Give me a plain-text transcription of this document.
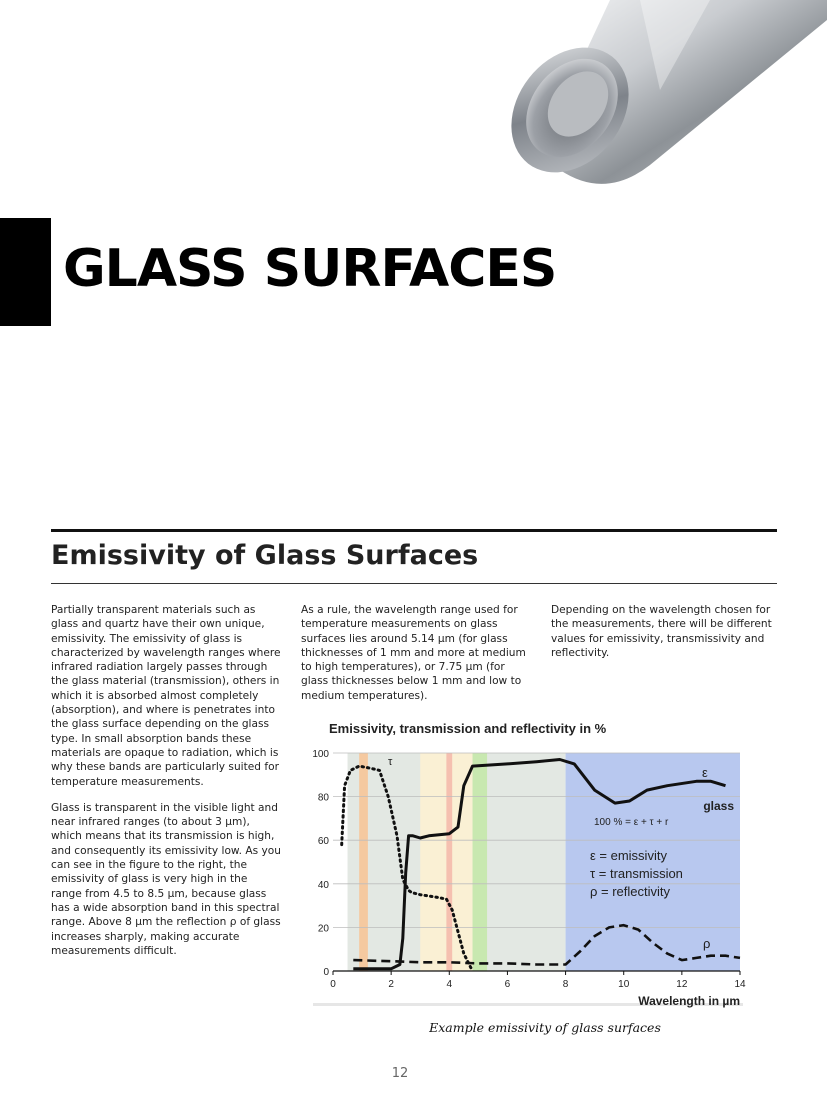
GLASS SURFACES
Emissivity of Glass Surfaces

Partially transparent materials such as glass and quartz have their own unique, emissivity. The emissivity of glass is characterized by wavelength ranges where infrared radiation largely passes through the glass material (transmission), others in which it is absorbed almost completely (absorption), and where is penetrates into the glass surface depending on the glass type. In small absorption bands these materials are opaque to radiation, which is why these bands are particularly suited for temperature measurements.

Glass is transparent in the visible light and near infrared ranges (to about 3 µm), which means that its transmission is high, and consequently its emissivity low. As you can see in the figure to the right, the emissivity of glass is very high in the range from 4.5 to 8.5 µm, because glass has a wide absorption band in this spectral range. Above 8 µm the reflection ρ of glass increases sharply, making accurate measurements difficult.

As a rule, the wavelength range used for temperature measurements on glass surfaces lies around 5.14 µm (for glass thicknesses of 1 mm and more at medium to high temperatures), or 7.75 µm (for glass thicknesses below 1 mm and low to medium temperatures).

Depending on the wavelength chosen for the measurements, there will be different values for emissivity, transmissivity and reflectivity.

Emissivity, transmission and reflectivity in %
0
20
40
60
80
100
0	2	4	6	8	10	12	14
Wavelength in µm
glass
100 % = ε + τ + r
ε = emissivity
τ = transmission
ρ = reflectivity
ε
τ
ρ
Example emissivity of glass surfaces
12
